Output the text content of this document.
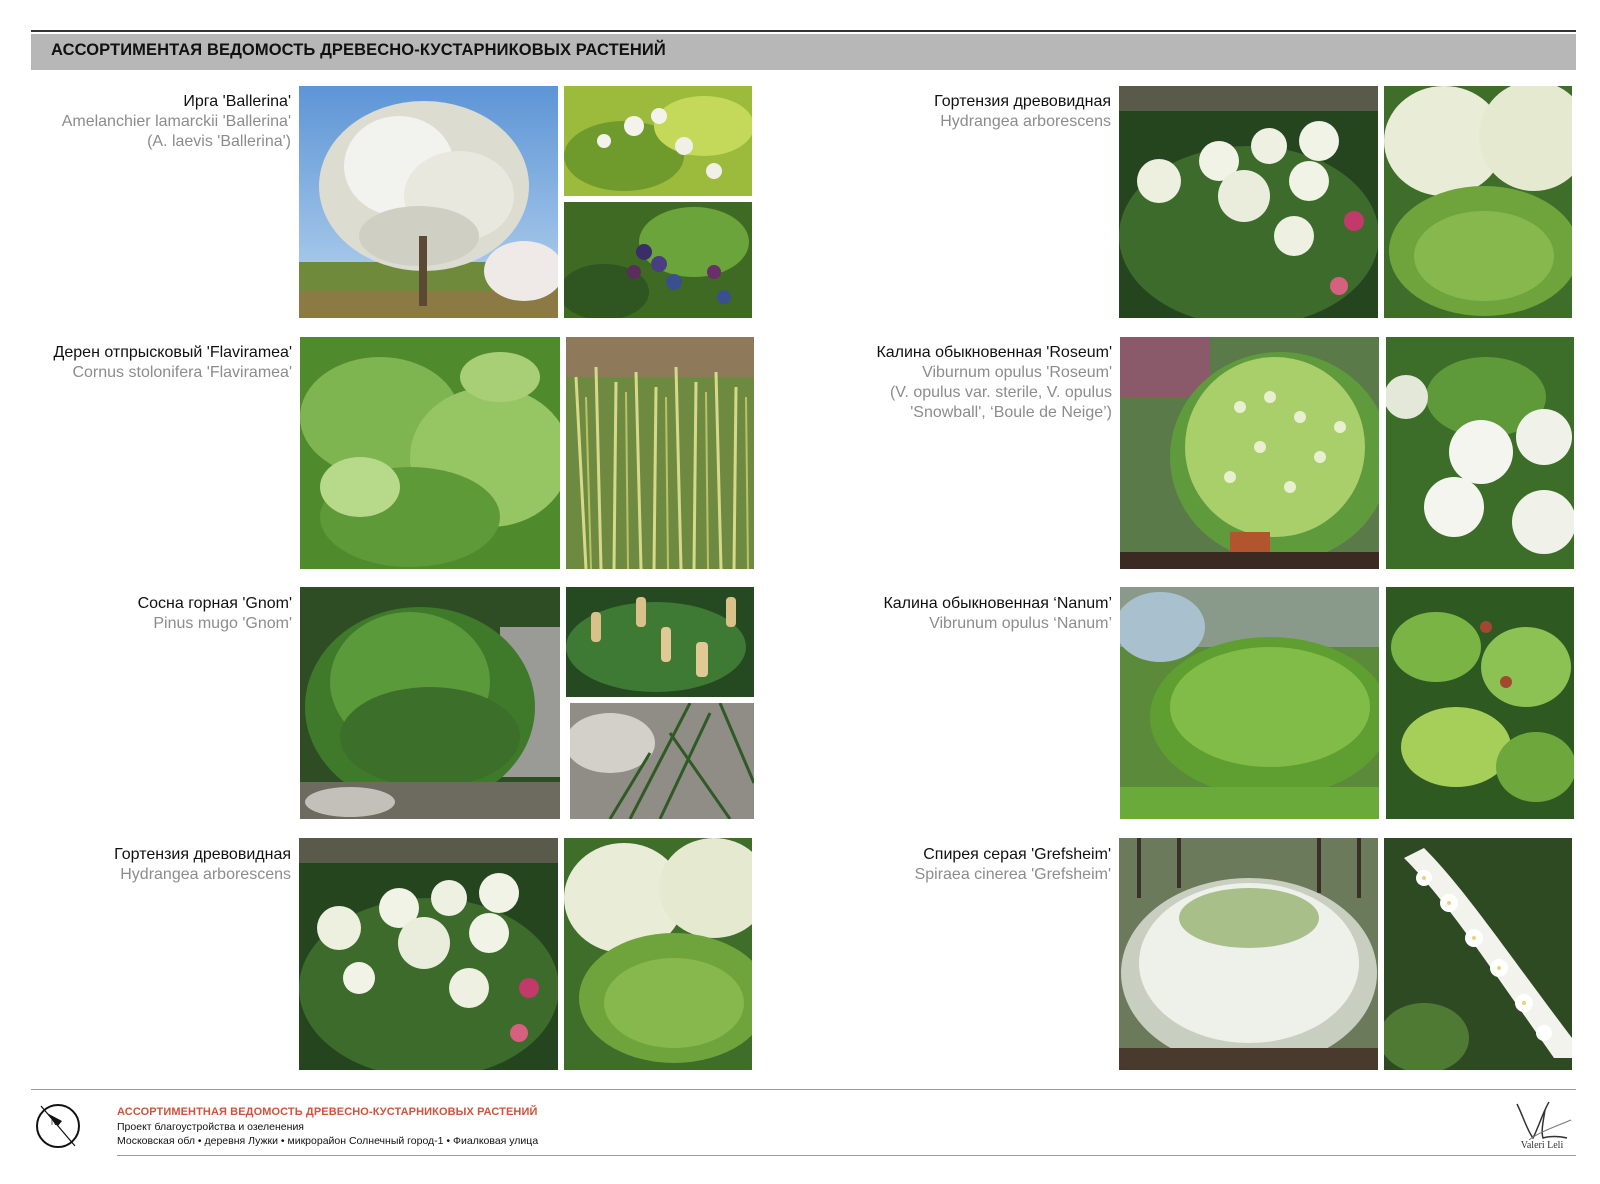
АССОРТИМЕНТАЯ ВЕДОМОСТЬ ДРЕВЕСНО-КУСТАРНИКОВЫХ РАСТЕНИЙ
Ирга 'Ballerina'
Amelanchier lamarckii 'Ballerina'
(A. laevis 'Ballerina')
Дерен отпрысковый 'Flaviramea'
Cornus stolonifera 'Flaviramea'
Сосна горная 'Gnom'
Pinus mugo 'Gnom'
Гортензия древовидная
Hydrangea arborescens
Гортензия древовидная
Hydrangea arborescens
Калина обыкновенная 'Roseum'
Viburnum opulus 'Roseum'
(V. opulus var. sterile, V. opulus
'Snowball', ‘Boule de Neige’)
Калина обыкновенная ‘Nanum’
Vibrunum opulus ‘Nanum’
Спирея серая 'Grefsheim'
Spiraea cinerea 'Grefsheim'
N
АССОРТИМЕНТНАЯ ВЕДОМОСТЬ ДРЕВЕСНО-КУСТАРНИКОВЫХ РАСТЕНИЙ
Проект благоустройства и озеленения
Московская обл • деревня Лужки • микрорайон Солнечный город-1 • Фиалковая улица	Valeri Leli
